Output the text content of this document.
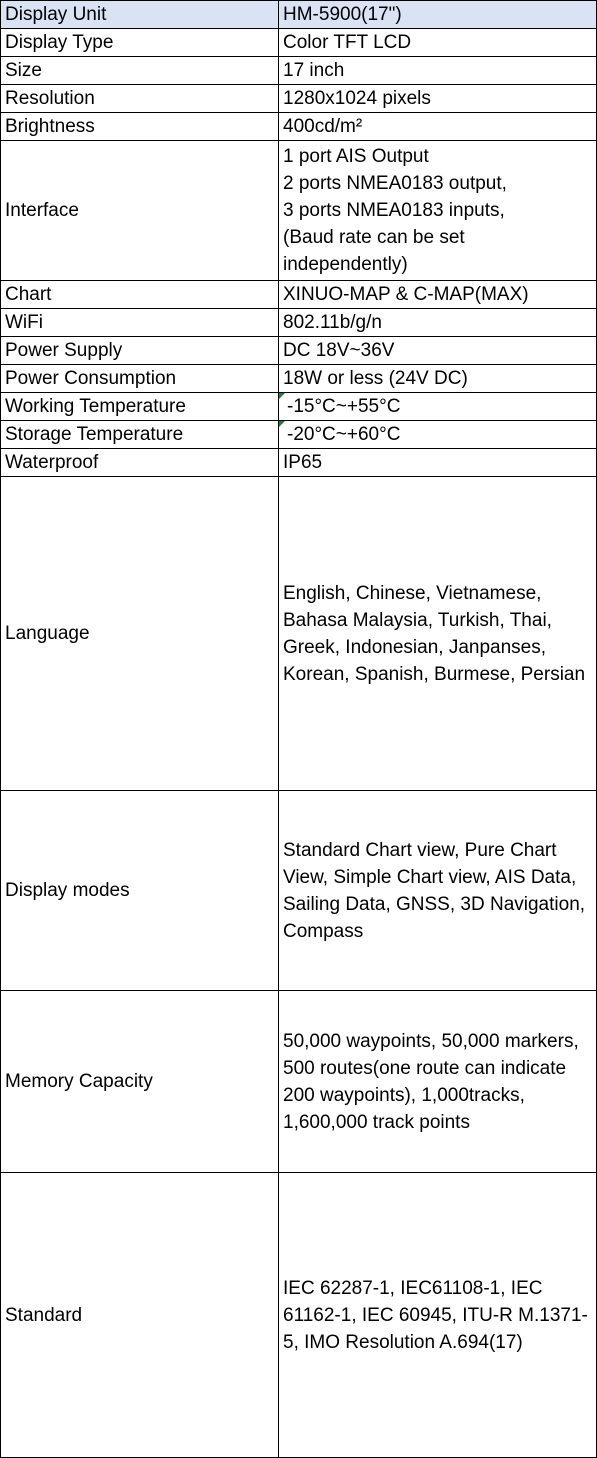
Display Unit	HM-5900(17")
Display Type	Color TFT LCD
Size	17 inch
Resolution	1280x1024 pixels
Brightness	400cd/m²
Interface	1 port AIS Output
2 ports NMEA0183 output,
3 ports NMEA0183 inputs,
(Baud rate can be set
independently)
Chart	XINUO-MAP & C-MAP(MAX)
WiFi	802.11b/g/n
Power Supply	DC 18V~36V
Power Consumption	18W or less (24V DC)
Working Temperature	-15°C~+55°C
Storage Temperature	-20°C~+60°C
Waterproof	IP65
Language	English, Chinese, Vietnamese, Bahasa Malaysia, Turkish, Thai, Greek, Indonesian, Janpanses, Korean, Spanish, Burmese, Persian
Display modes	Standard Chart view, Pure Chart View, Simple Chart view, AIS Data, Sailing Data, GNSS, 3D Navigation, Compass
Memory Capacity	50,000 waypoints, 50,000 markers, 500 routes(one route can indicate 200 waypoints), 1,000tracks, 1,600,000 track points
Standard	IEC 62287-1, IEC61108-1, IEC 61162-1, IEC 60945, ITU-R M.1371-5, IMO Resolution A.694(17)
